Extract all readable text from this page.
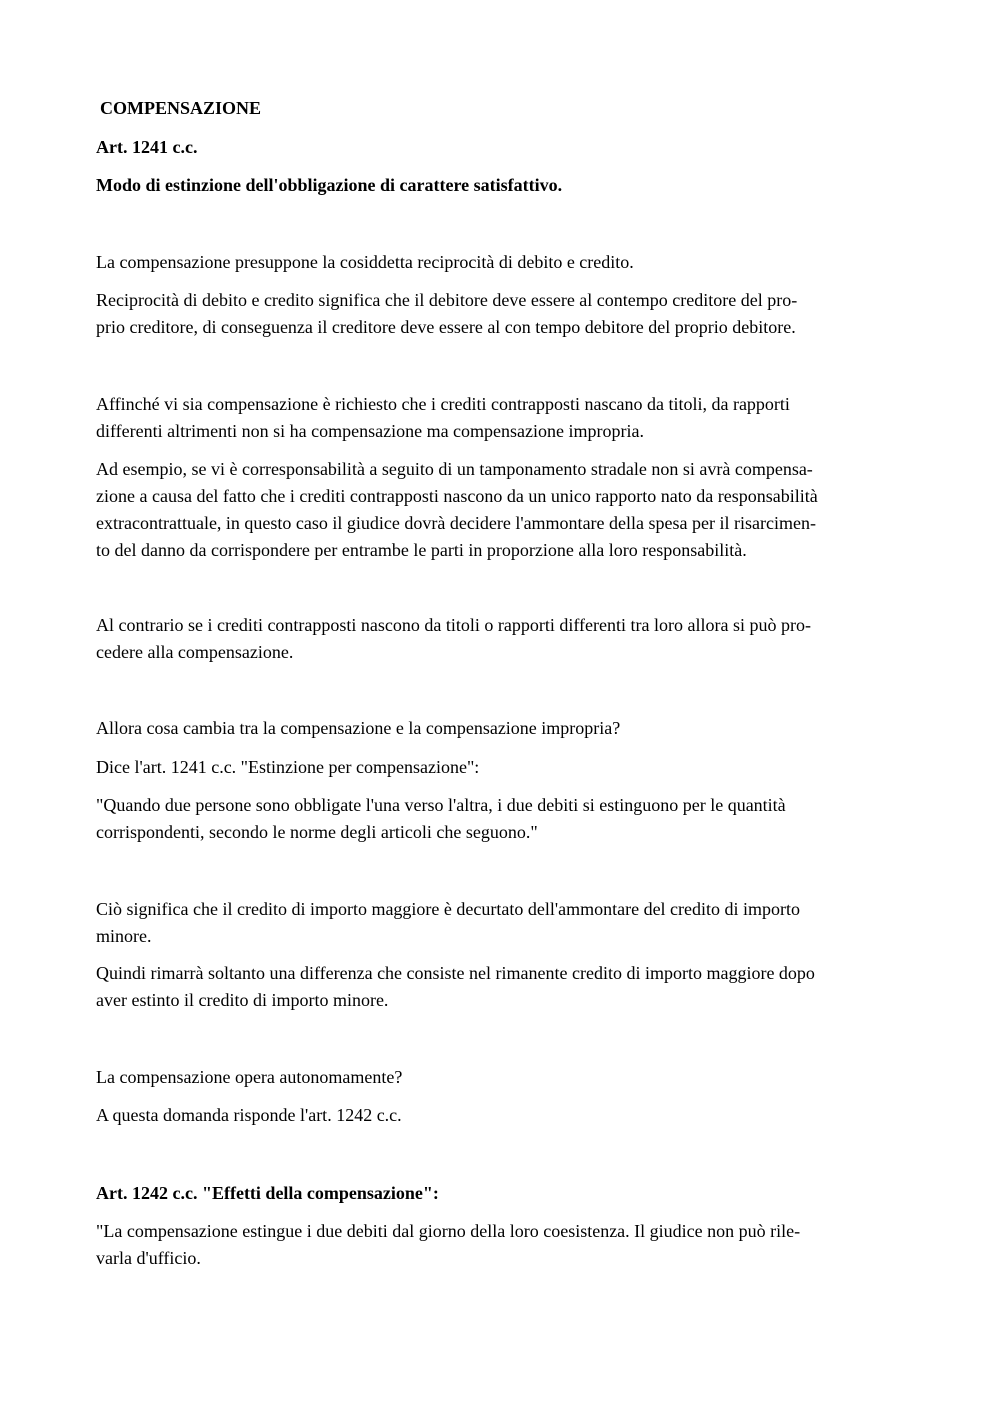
COMPENSAZIONE

Art. 1241 c.c.

Modo di estinzione dell'obbligazione di carattere satisfattivo.

La compensazione presuppone la cosiddetta reciprocità di debito e credito.

Reciprocità di debito e credito significa che il debitore deve essere al contempo creditore del pro-

prio creditore, di conseguenza il creditore deve essere al con tempo debitore del proprio debitore.

Affinché vi sia compensazione è richiesto che i crediti contrapposti nascano da titoli, da rapporti

differenti altrimenti non si ha compensazione ma compensazione impropria.

Ad esempio, se vi è corresponsabilità a seguito di un tamponamento stradale non si avrà compensa-

zione a causa del fatto che i crediti contrapposti nascono da un unico rapporto nato da responsabilità

extracontrattuale, in questo caso il giudice dovrà decidere l'ammontare della spesa per il risarcimen-

to del danno da corrispondere per entrambe le parti in proporzione alla loro responsabilità.

Al contrario se i crediti contrapposti nascono da titoli o rapporti differenti tra loro allora si può pro-

cedere alla compensazione.

Allora cosa cambia tra la compensazione e la compensazione impropria?

Dice l'art. 1241 c.c. "Estinzione per compensazione":

"Quando due persone sono obbligate l'una verso l'altra, i due debiti si estinguono per le quantità

corrispondenti, secondo le norme degli articoli che seguono."

Ciò significa che il credito di importo maggiore è decurtato dell'ammontare del credito di importo

minore.

Quindi rimarrà soltanto una differenza che consiste nel rimanente credito di importo maggiore dopo

aver estinto il credito di importo minore.

La compensazione opera autonomamente?

A questa domanda risponde l'art. 1242 c.c.

Art. 1242 c.c. "Effetti della compensazione":

"La compensazione estingue i due debiti dal giorno della loro coesistenza. Il giudice non può rile-

varla d'ufficio.
